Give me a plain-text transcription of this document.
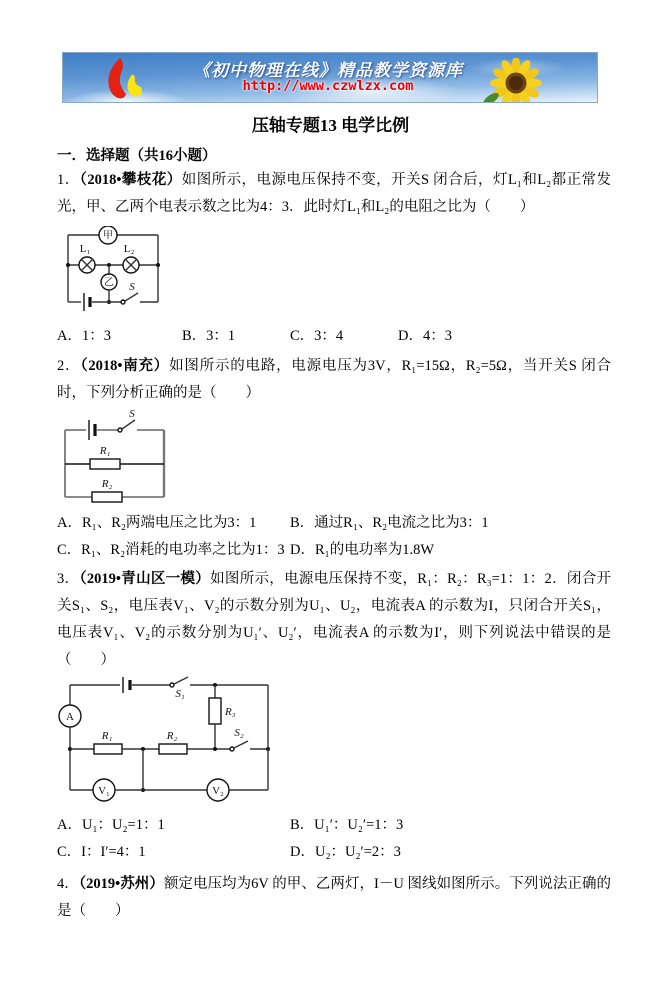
《初中物理在线》精品教学资源库
http://www.czwlzx.com
压轴专题13 电学比例
一．选择题（共16小题）

1．（2018•攀枝花）如图所示，电源电压保持不变，开关S 闭合后，灯L₁和L₂都正常发光，甲、乙两个电表示数之比为4：3．此时灯L₁和L₂的电阻之比为（　　）

甲
L₁	L₂
乙 S
A．1：3	B．3：1	C．3：4	D．4：3

2．（2018•南充）如图所示的电路，电源电压为3V，R₁=15Ω，R₂=5Ω，当开关S 闭合时，下列分析正确的是（　　）

S
R₁
R₂
A．R₁、R₂两端电压之比为3：1	B．通过R₁、R₂电流之比为3：1
C．R₁、R₂消耗的电功率之比为1：3 D．R₁的电功率为1.8W

3．（2019•青山区一模）如图所示，电源电压保持不变，R₁：R₂：R₃=1：1：2．闭合开关S₁、S₂，电压表V₁、V₂的示数分别为U₁、U₂，电流表A 的示数为I，只闭合开关S₁，电压表V₁、V₂的示数分别为U₁′、U₂′，电流表A 的示数为I′，则下列说法中错误的是（　　）

S₁
R₃
A
R₁	R₂	S₂
V₁	V₂
A．U₁：U₂=1：1	B．U₁′：U₂′=1：3
C．I：I′=4：1	D．U₂：U₂′=2：3

4．（2019•苏州）额定电压均为6V 的甲、乙两灯，I－U 图线如图所示。下列说法正确的是（　　）
